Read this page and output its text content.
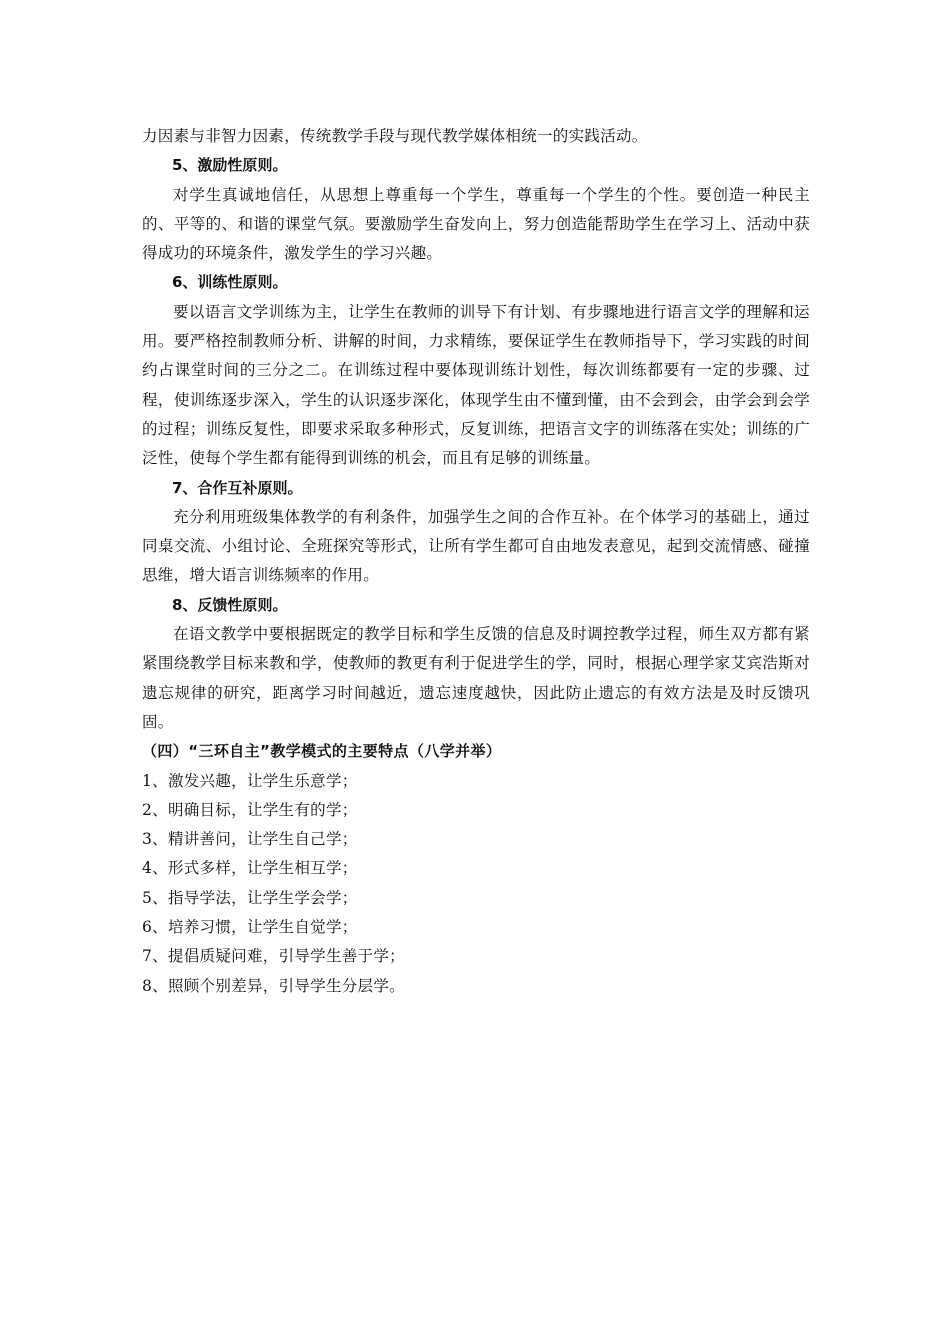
力因素与非智力因素，传统教学手段与现代教学媒体相统一的实践活动。

5、激励性原则。

对学生真诚地信任，从思想上尊重每一个学生，尊重每一个学生的个性。要创造一种民主的、平等的、和谐的课堂气氛。要激励学生奋发向上，努力创造能帮助学生在学习上、活动中获得成功的环境条件，激发学生的学习兴趣。

6、训练性原则。

要以语言文学训练为主，让学生在教师的训导下有计划、有步骤地进行语言文学的理解和运用。要严格控制教师分析、讲解的时间，力求精练，要保证学生在教师指导下，学习实践的时间约占课堂时间的三分之二。在训练过程中要体现训练计划性，每次训练都要有一定的步骤、过程，使训练逐步深入，学生的认识逐步深化，体现学生由不懂到懂，由不会到会，由学会到会学的过程；训练反复性，即要求采取多种形式，反复训练，把语言文字的训练落在实处；训练的广泛性，使每个学生都有能得到训练的机会，而且有足够的训练量。

7、合作互补原则。

充分利用班级集体教学的有利条件，加强学生之间的合作互补。在个体学习的基础上，通过同桌交流、小组讨论、全班探究等形式，让所有学生都可自由地发表意见，起到交流情感、碰撞思维，增大语言训练频率的作用。

8、反馈性原则。

在语文教学中要根据既定的教学目标和学生反馈的信息及时调控教学过程，师生双方都有紧紧围绕教学目标来教和学，使教师的教更有利于促进学生的学，同时，根据心理学家艾宾浩斯对遗忘规律的研究，距离学习时间越近，遗忘速度越快，因此防止遗忘的有效方法是及时反馈巩固。

（四）“三环自主”教学模式的主要特点（八学并举）

1、激发兴趣，让学生乐意学；

2、明确目标，让学生有的学；

3、精讲善问，让学生自己学；

4、形式多样，让学生相互学；

5、指导学法，让学生学会学；

6、培养习惯，让学生自觉学；

7、提倡质疑问难，引导学生善于学；

8、照顾个别差异，引导学生分层学。
